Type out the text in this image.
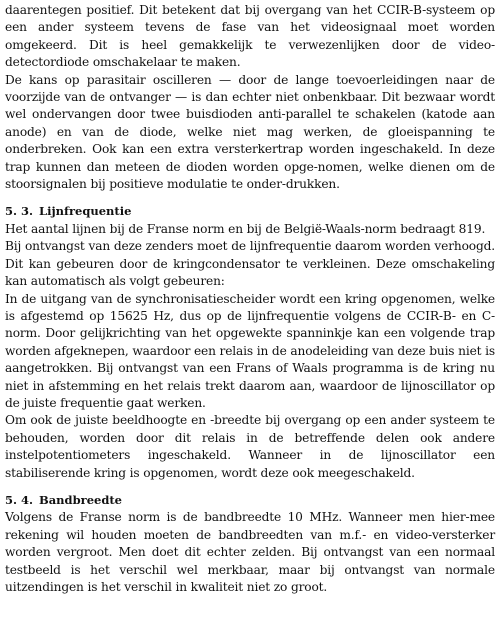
daarentegen positief. Dit betekent dat bij overgang van het CCIR-B-systeem op een ander systeem tevens de fase van het videosignaal moet worden omgekeerd. Dit is heel gemakkelijk te verwezenlijken door de video-detectordiode omschakelaar te maken.

De kans op parasitair oscilleren — door de lange toevoerleidingen naar de voorzijde van de ontvanger — is dan echter niet onbenkbaar. Dit bezwaar wordt wel ondervangen door twee buisdioden anti-parallel te schakelen (katode aan anode) en van de diode, welke niet mag werken, de gloeispanning te onderbreken. Ook kan een extra versterkertrap worden ingeschakeld. In deze trap kunnen dan meteen de dioden worden opge-nomen, welke dienen om de stoorsignalen bij positieve modulatie te onder-drukken.

5. 3. Lijnfrequentie

Het aantal lijnen bij de Franse norm en bij de België-Waals-norm bedraagt 819.

Bij ontvangst van deze zenders moet de lijnfrequentie daarom worden verhoogd. Dit kan gebeuren door de kringcondensator te verkleinen. Deze omschakeling kan automatisch als volgt gebeuren:

In de uitgang van de synchronisatiescheider wordt een kring opgenomen, welke is afgestemd op 15625 Hz, dus op de lijnfrequentie volgens de CCIR-B- en C-norm. Door gelijkrichting van het opgewekte spanninkje kan een volgende trap worden afgeknepen, waardoor een relais in de anodeleiding van deze buis niet is aangetrokken. Bij ontvangst van een Frans of Waals programma is de kring nu niet in afstemming en het relais trekt daarom aan, waardoor de lijnoscillator op de juiste frequentie gaat werken.

Om ook de juiste beeldhoogte en -breedte bij overgang op een ander systeem te behouden, worden door dit relais in de betreffende delen ook andere instelpotentiometers ingeschakeld. Wanneer in de lijnoscillator een stabiliserende kring is opgenomen, wordt deze ook meegeschakeld.

5. 4. Bandbreedte

Volgens de Franse norm is de bandbreedte 10 MHz. Wanneer men hier-mee rekening wil houden moeten de bandbreedten van m.f.- en video-versterker worden vergroot. Men doet dit echter zelden. Bij ontvangst van een normaal testbeeld is het verschil wel merkbaar, maar bij ontvangst van normale uitzendingen is het verschil in kwaliteit niet zo groot.
